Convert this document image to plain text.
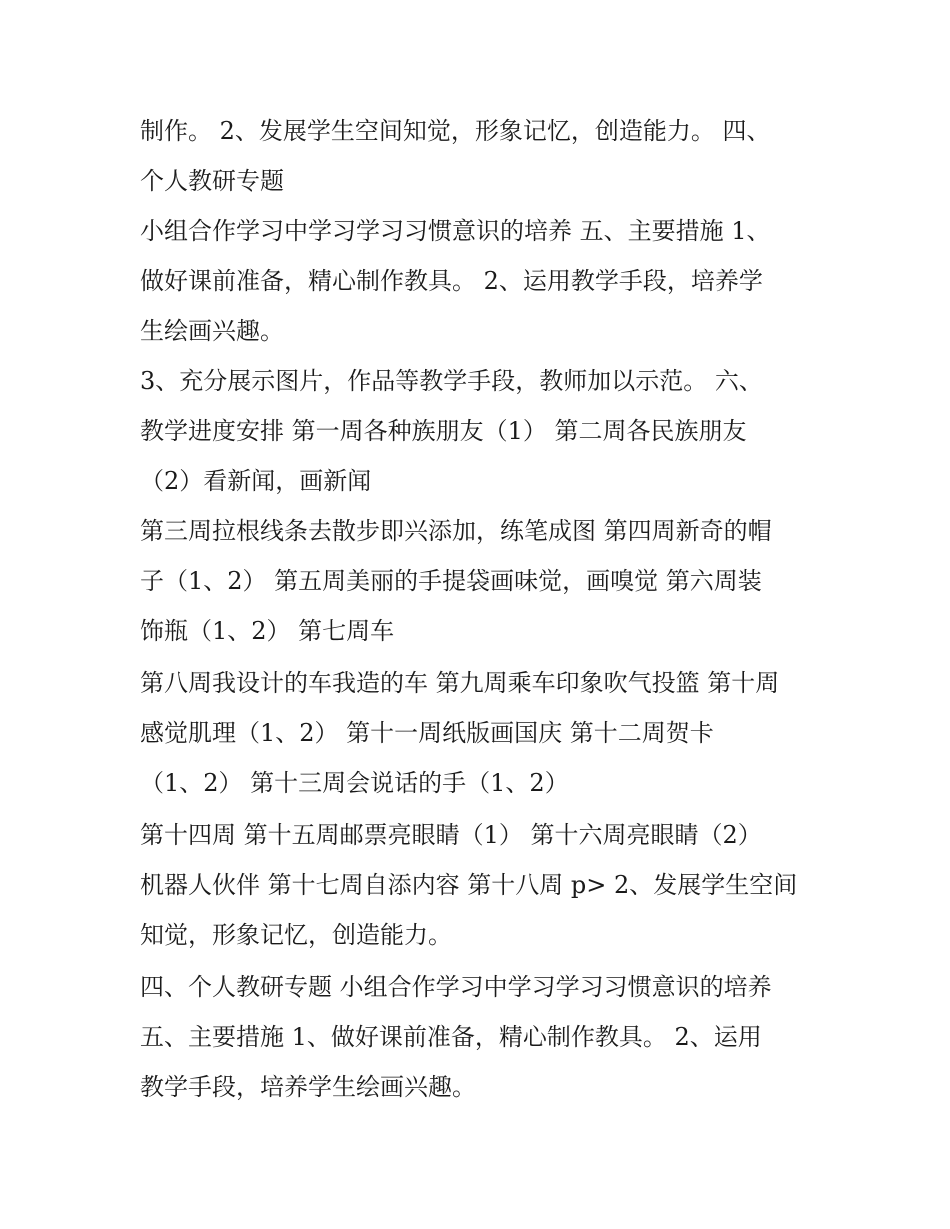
制作。 2、发展学生空间知觉，形象记忆，创造能力。 四、
个人教研专题
小组合作学习中学习学习习惯意识的培养 五、主要措施 1、
做好课前准备，精心制作教具。 2、运用教学手段，培养学
生绘画兴趣。
3、充分展示图片，作品等教学手段，教师加以示范。 六、
教学进度安排 第一周各种族朋友（1） 第二周各民族朋友
（2）看新闻，画新闻
第三周拉根线条去散步即兴添加，练笔成图 第四周新奇的帽
子（1、2） 第五周美丽的手提袋画味觉，画嗅觉 第六周装
饰瓶（1、2） 第七周车
第八周我设计的车我造的车 第九周乘车印象吹气投篮 第十周
感觉肌理（1、2） 第十一周纸版画国庆 第十二周贺卡
（1、2） 第十三周会说话的手（1、2）
第十四周 第十五周邮票亮眼睛（1） 第十六周亮眼睛（2）
机器人伙伴 第十七周自添内容 第十八周 p> 2、发展学生空间
知觉，形象记忆，创造能力。
四、个人教研专题 小组合作学习中学习学习习惯意识的培养
五、主要措施 1、做好课前准备，精心制作教具。 2、运用
教学手段，培养学生绘画兴趣。
